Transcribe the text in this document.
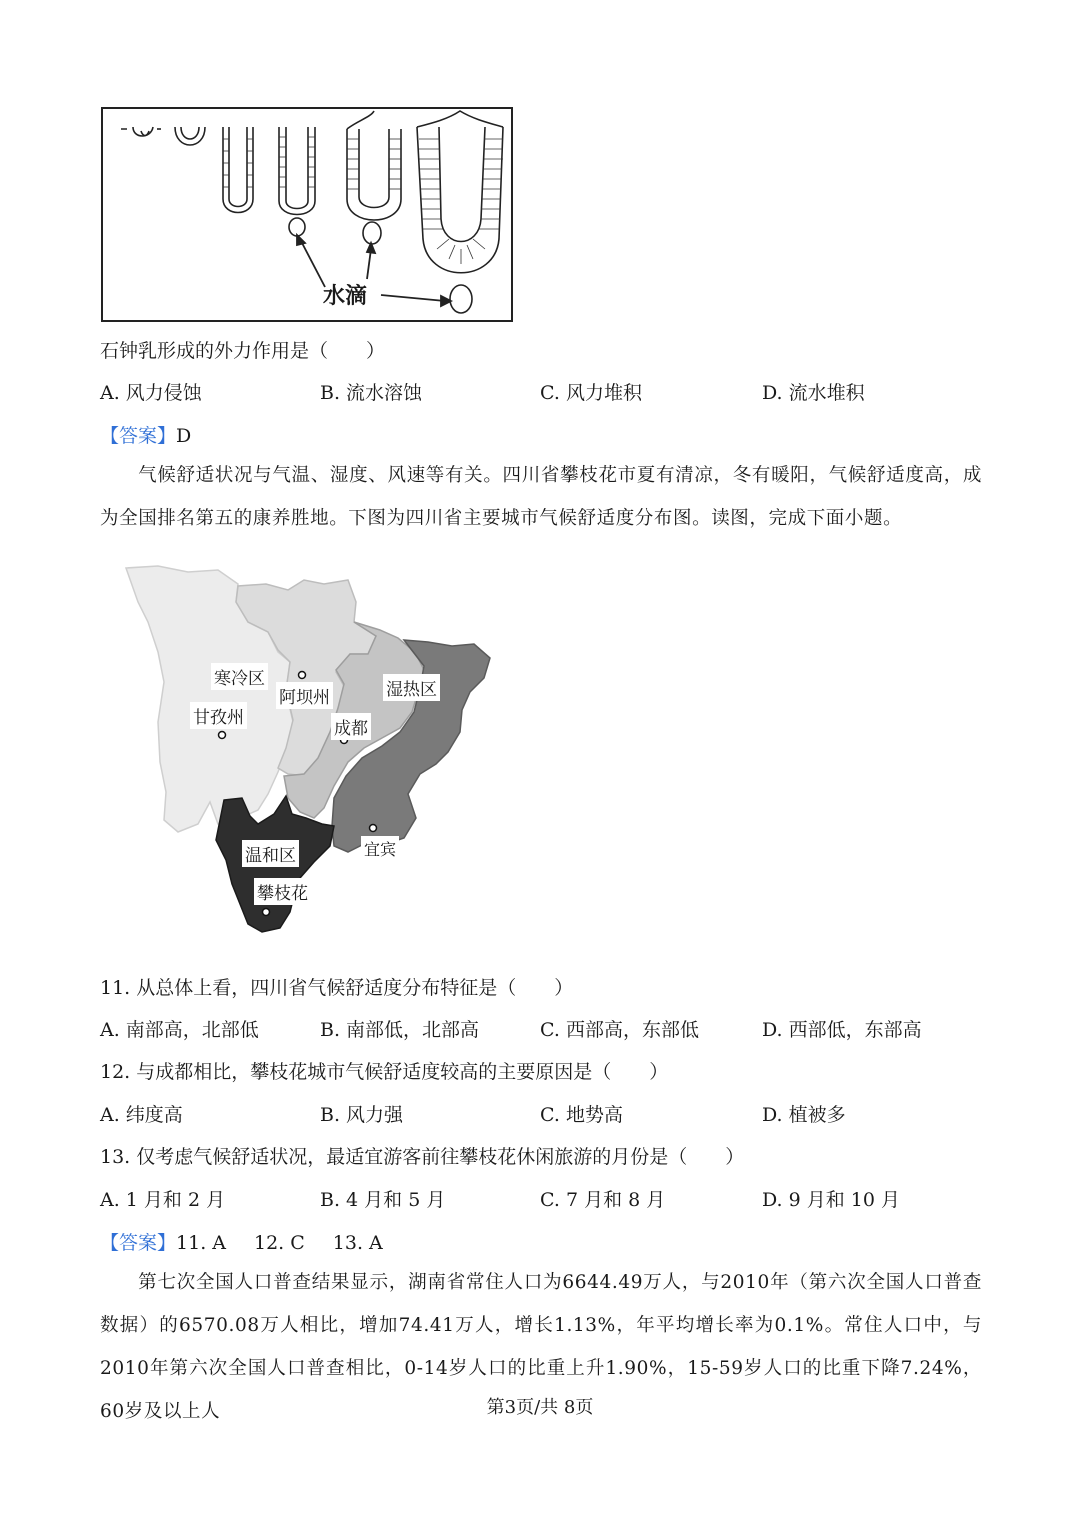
水滴
石钟乳形成的外力作用是（　　）
A. 风力侵蚀	B. 流水溶蚀	C. 风力堆积	D. 流水堆积
【答案】D
气候舒适状况与气温、湿度、风速等有关。四川省攀枝花市夏有清凉，冬有暖阳，气候舒适度高，成为全国排名第五的康养胜地。下图为四川省主要城市气候舒适度分布图。读图，完成下面小题。
寒冷区
阿坝州
甘孜州
湿热区
成都
温和区	宜宾
攀枝花
11. 从总体上看，四川省气候舒适度分布特征是（　　）
A. 南部高，北部低	B. 南部低，北部高	C. 西部高，东部低	D. 西部低，东部高
12. 与成都相比，攀枝花城市气候舒适度较高的主要原因是（　　）
A. 纬度高	B. 风力强	C. 地势高	D. 植被多
13. 仅考虑气候舒适状况，最适宜游客前往攀枝花休闲旅游的月份是（　　）
A. 1 月和 2 月	B. 4 月和 5 月	C. 7 月和 8 月	D. 9 月和 10 月
【答案】11. A 12. C 13. A
第七次全国人口普查结果显示，湖南省常住人口为6644.49万人，与2010年（第六次全国人口普查数据）的6570.08万人相比，增加74.41万人，增长1.13%，年平均增长率为0.1%。常住人口中，与2010年第六次全国人口普查相比，0-14岁人口的比重上升1.90%，15-59岁人口的比重下降7.24%，60岁及以上人	第3页/共 8页
